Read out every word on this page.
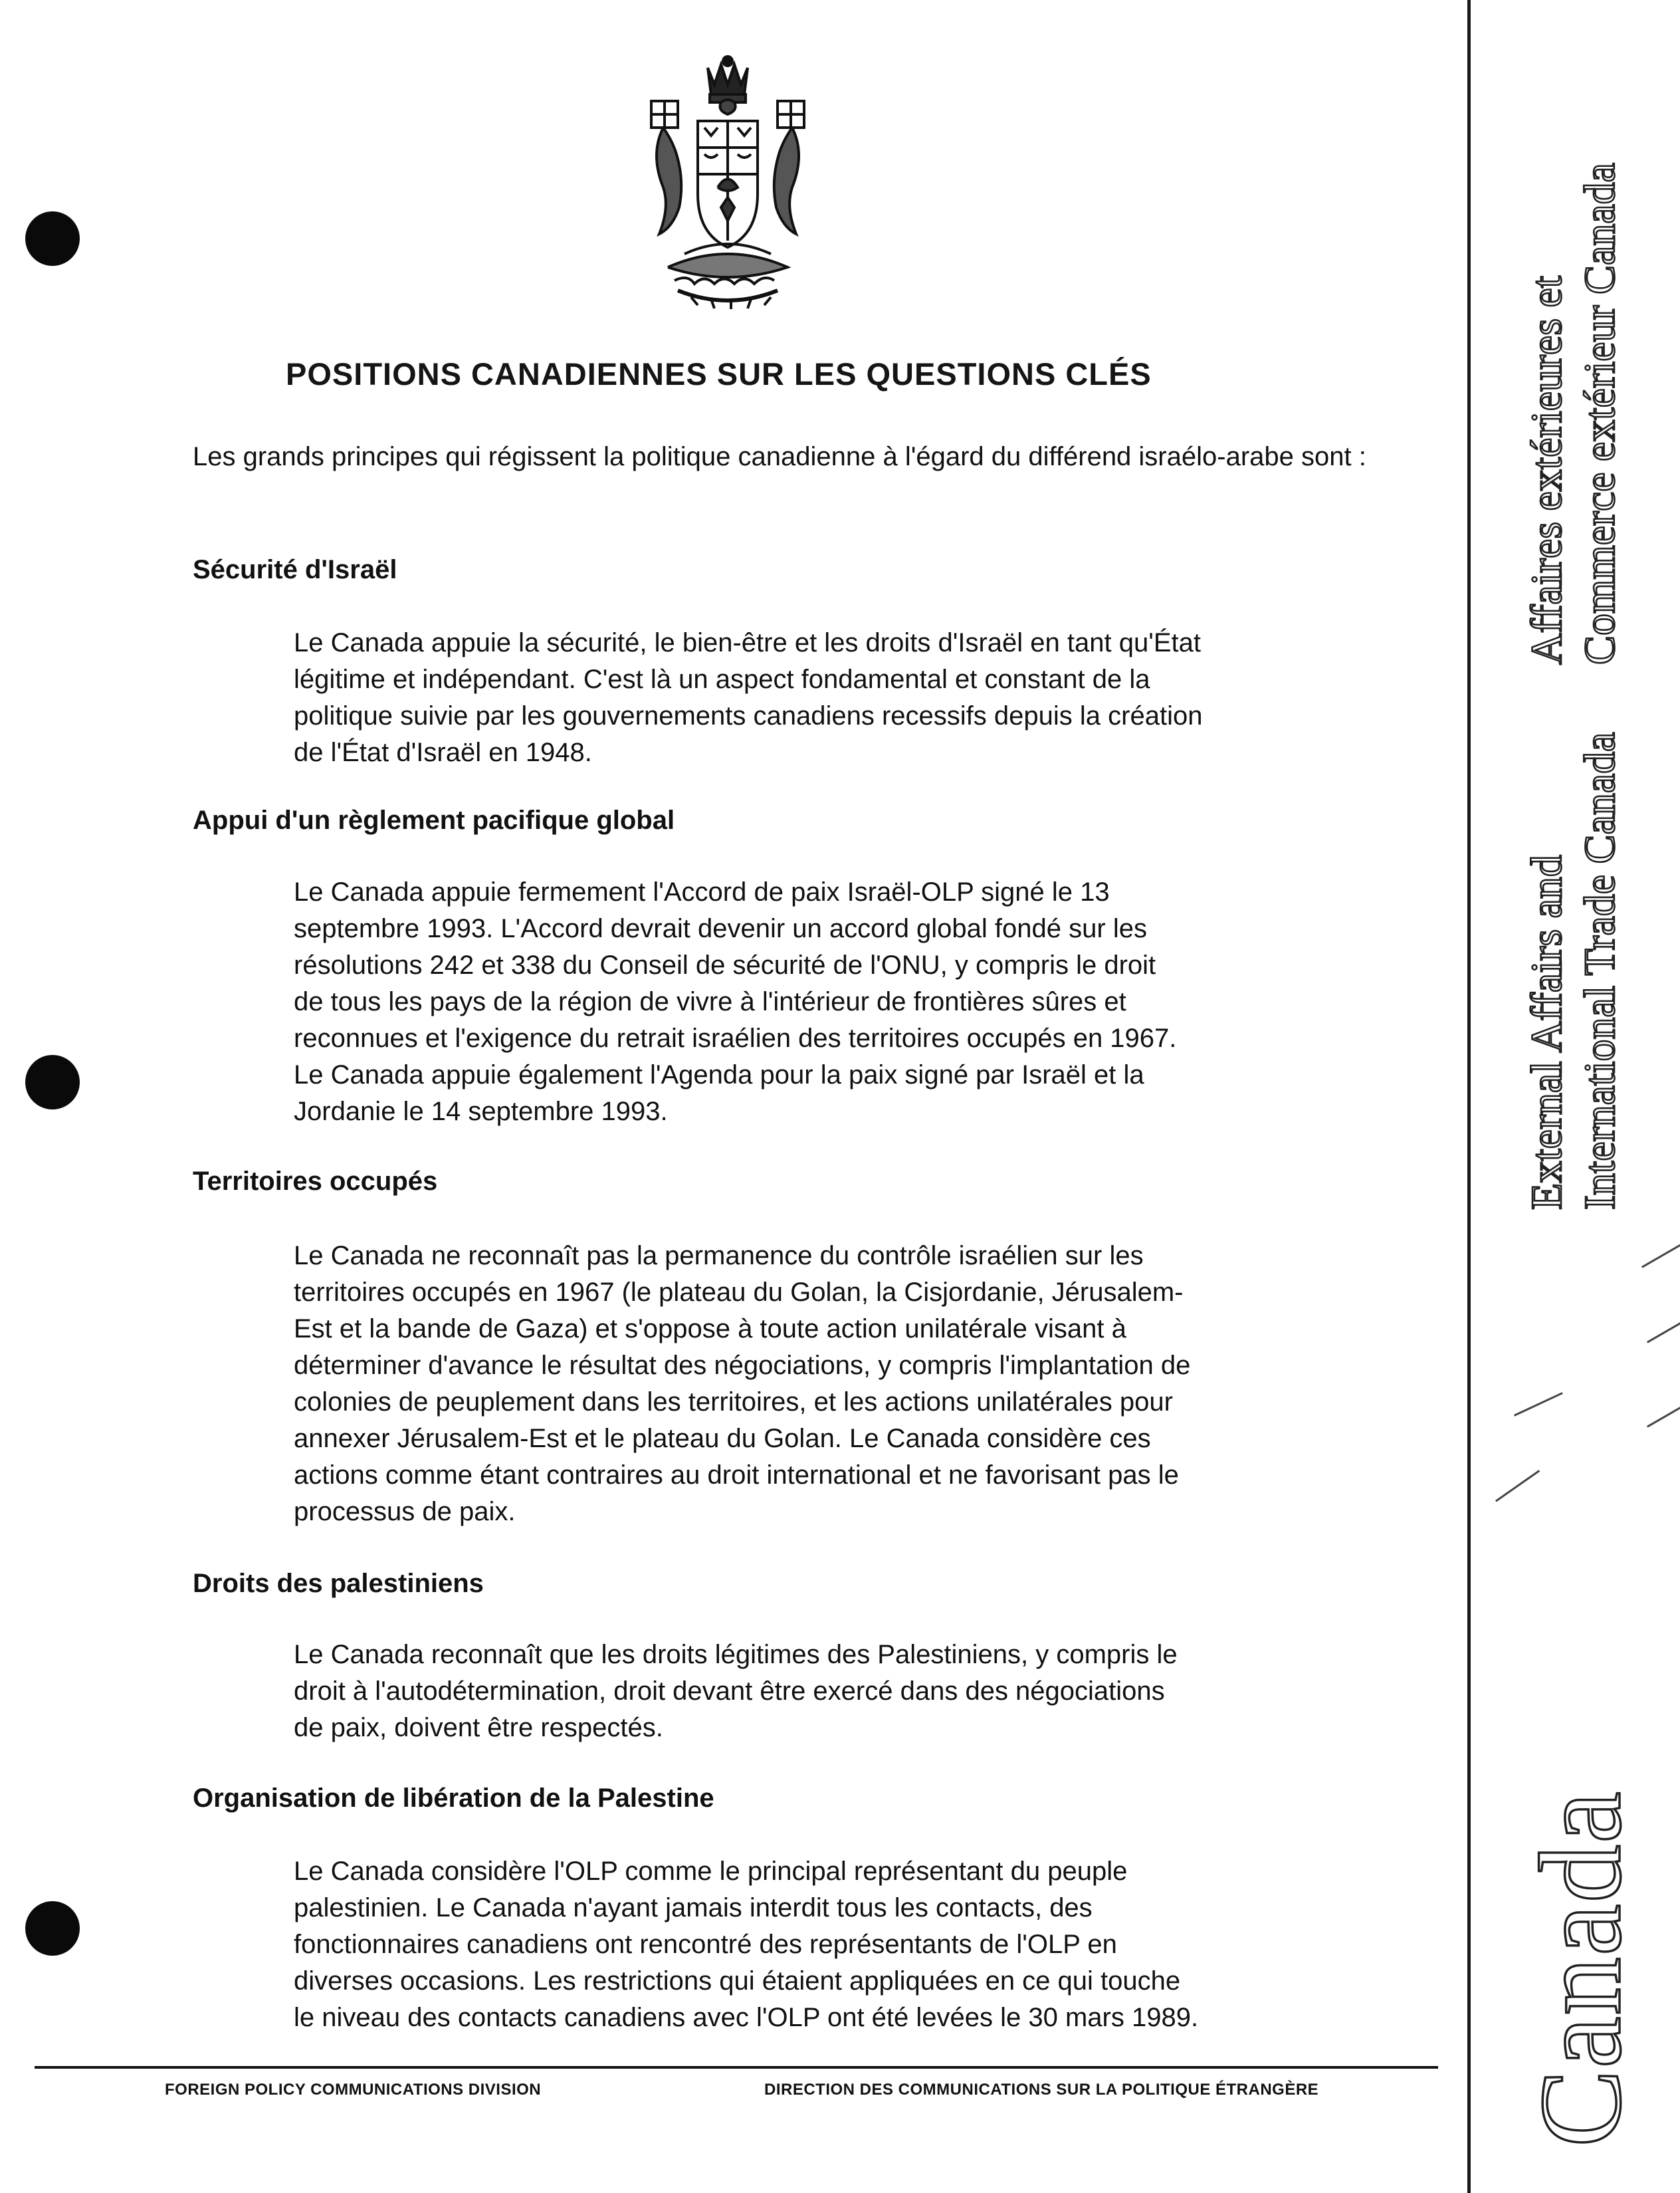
POSITIONS CANADIENNES SUR LES QUESTIONS CLÉS

Les grands principes qui régissent la politique canadienne à l'égard du différend israélo-arabe sont :

Sécurité d'Israël
Le Canada appuie la sécurité, le bien-être et les droits d'Israël en tant qu'État
légitime et indépendant. C'est là un aspect fondamental et constant de la
politique suivie par les gouvernements canadiens recessifs depuis la création
de l'État d'Israël en 1948.
Appui d'un règlement pacifique global
Le Canada appuie fermement l'Accord de paix Israël-OLP signé le 13
septembre 1993. L'Accord devrait devenir un accord global fondé sur les
résolutions 242 et 338 du Conseil de sécurité de l'ONU, y compris le droit
de tous les pays de la région de vivre à l'intérieur de frontières sûres et
reconnues et l'exigence du retrait israélien des territoires occupés en 1967.
Le Canada appuie également l'Agenda pour la paix signé par Israël et la
Jordanie le 14 septembre 1993.
Territoires occupés
Le Canada ne reconnaît pas la permanence du contrôle israélien sur les
territoires occupés en 1967 (le plateau du Golan, la Cisjordanie, Jérusalem-
Est et la bande de Gaza) et s'oppose à toute action unilatérale visant à
déterminer d'avance le résultat des négociations, y compris l'implantation de
colonies de peuplement dans les territoires, et les actions unilatérales pour
annexer Jérusalem-Est et le plateau du Golan. Le Canada considère ces
actions comme étant contraires au droit international et ne favorisant pas le
processus de paix.
Droits des palestiniens
Le Canada reconnaît que les droits légitimes des Palestiniens, y compris le
droit à l'autodétermination, droit devant être exercé dans des négociations
de paix, doivent être respectés.
Organisation de libération de la Palestine
Le Canada considère l'OLP comme le principal représentant du peuple
palestinien. Le Canada n'ayant jamais interdit tous les contacts, des
fonctionnaires canadiens ont rencontré des représentants de l'OLP en
diverses occasions. Les restrictions qui étaient appliquées en ce qui touche
le niveau des contacts canadiens avec l'OLP ont été levées le 30 mars 1989.
FOREIGN POLICY COMMUNICATIONS DIVISION	DIRECTION DES COMMUNICATIONS SUR LA POLITIQUE ÉTRANGÈRE
Affaires extérieures et Commerce extérieur Canada
External Affairs and International Trade Canada
Canada
